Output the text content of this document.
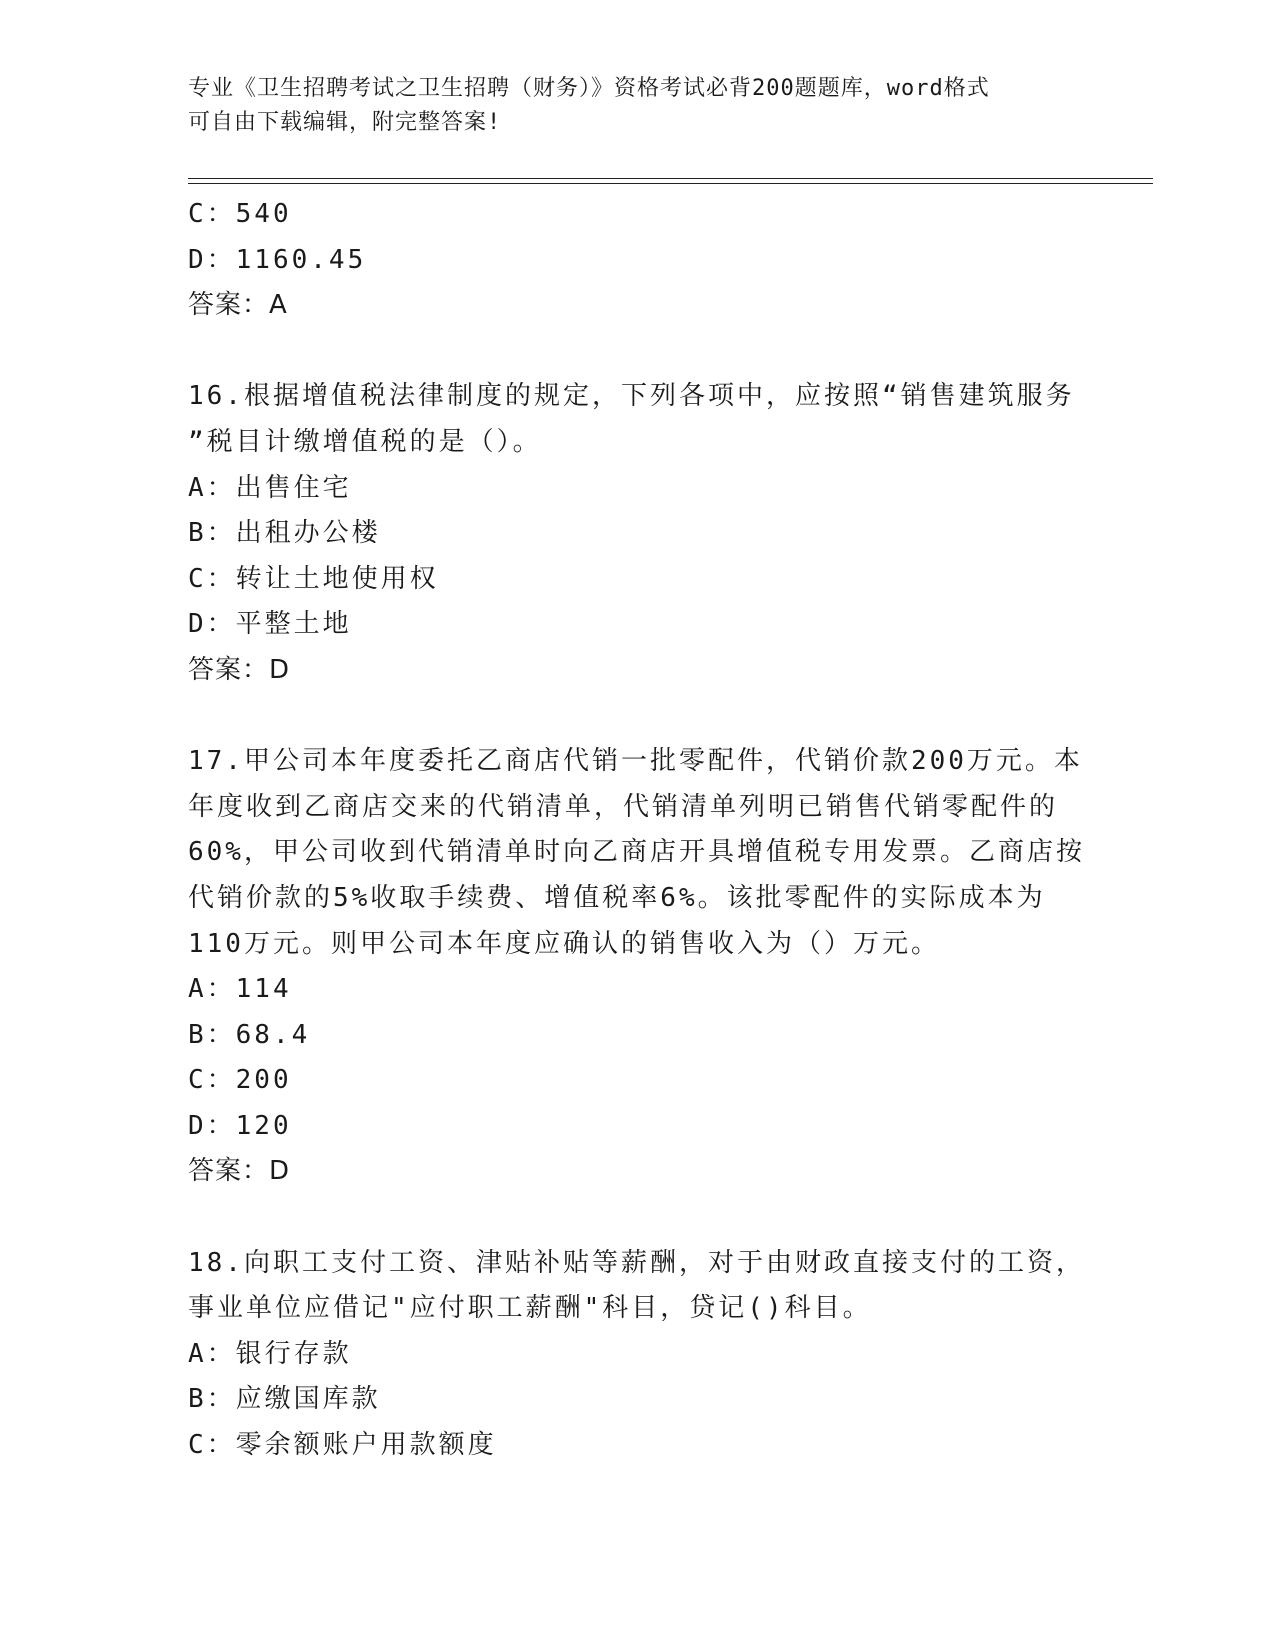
专业《卫生招聘考试之卫生招聘（财务）》资格考试必背200题题库，word格式
可自由下载编辑，附完整答案!
C：540
D：1160.45
答案：A
16.根据增值税法律制度的规定，下列各项中，应按照“销售建筑服务
”税目计缴增值税的是（）。
A：出售住宅
B：出租办公楼
C：转让土地使用权
D：平整土地
答案：D
17.甲公司本年度委托乙商店代销一批零配件，代销价款200万元。本
年度收到乙商店交来的代销清单，代销清单列明已销售代销零配件的
60%，甲公司收到代销清单时向乙商店开具增值税专用发票。乙商店按
代销价款的5%收取手续费、增值税率6%。该批零配件的实际成本为
110万元。则甲公司本年度应确认的销售收入为（）万元。
A：114
B：68.4
C：200
D：120
答案：D
18.向职工支付工资、津贴补贴等薪酬，对于由财政直接支付的工资，
事业单位应借记"应付职工薪酬"科目，贷记()科目。
A：银行存款
B：应缴国库款
C：零余额账户用款额度
